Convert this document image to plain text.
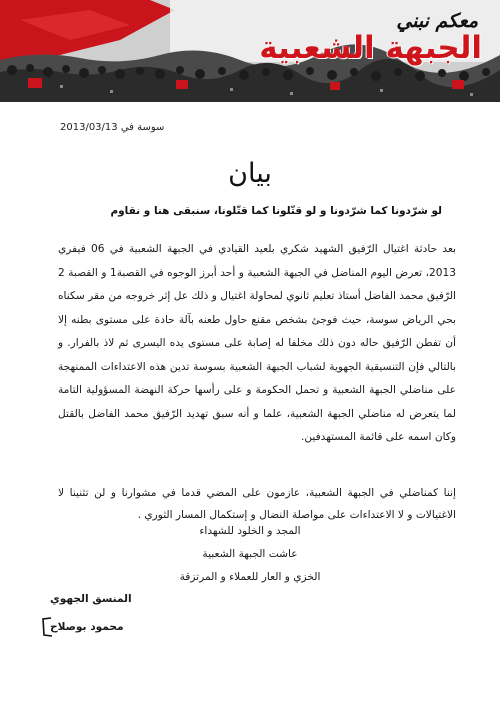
معكم نبني
الجبهة الشعبية
سوسة في 2013/03/13
بيان
لو شرّدونا كما شرّدونا و لو قتّلونا كما قتّلونا، سنبقى هنا و نقاوم

بعد حادثة اغتيال الرّفيق الشهيد شكري بلعيد القيادي في الجبهة الشعبية في 06 فيفري 2013، تعرض اليوم المناضل في الجبهة الشعبية و أحد أبرز الوجوه في القصبة1 و القصبة 2 الرّفيق محمد الفاضل أستاذ تعليم ثانوي لمحاولة اغتيال و ذلك عل إثر خروجه من مقر سكناه بحي الرياض سوسة، حيث فوجئ بشخص مقنع حاول طعنه بآلة حادة على مستوى بطنه إلا أن تفطن الرّفيق حاله دون ذلك مخلفا له إصابة على مستوى يده اليسرى ثم لاذ بالفرار. و بالتالي فإن التنسيقية الجهوية لشباب الجبهة الشعبية بسوسة تدين هذه الاعتداءات الممنهجة على مناضلي الجبهة الشعبية و تحمل الحكومة و على رأسها حركة النهضة المسؤولية التامة لما يتعرض له مناضلي الجبهة الشعبية، علما و أنه سبق تهديد الرّفيق محمد الفاضل بالقتل وكان اسمه على قائمة المستهدفين.

إننا كمناضلي في الجبهة الشعبية، عازمون على المضي قدما في مشوارنا و لن تثنينا لا الاغتيالات و لا الاعتداءات على مواصلة النضال و إستكمال المسار الثوري .

المجد و الخلود للشهداء
عاشت الجبهة الشعبية
الخزي و العار للعملاء و المرتزقة
المنسق الجهوي
محمود بوصلاح
